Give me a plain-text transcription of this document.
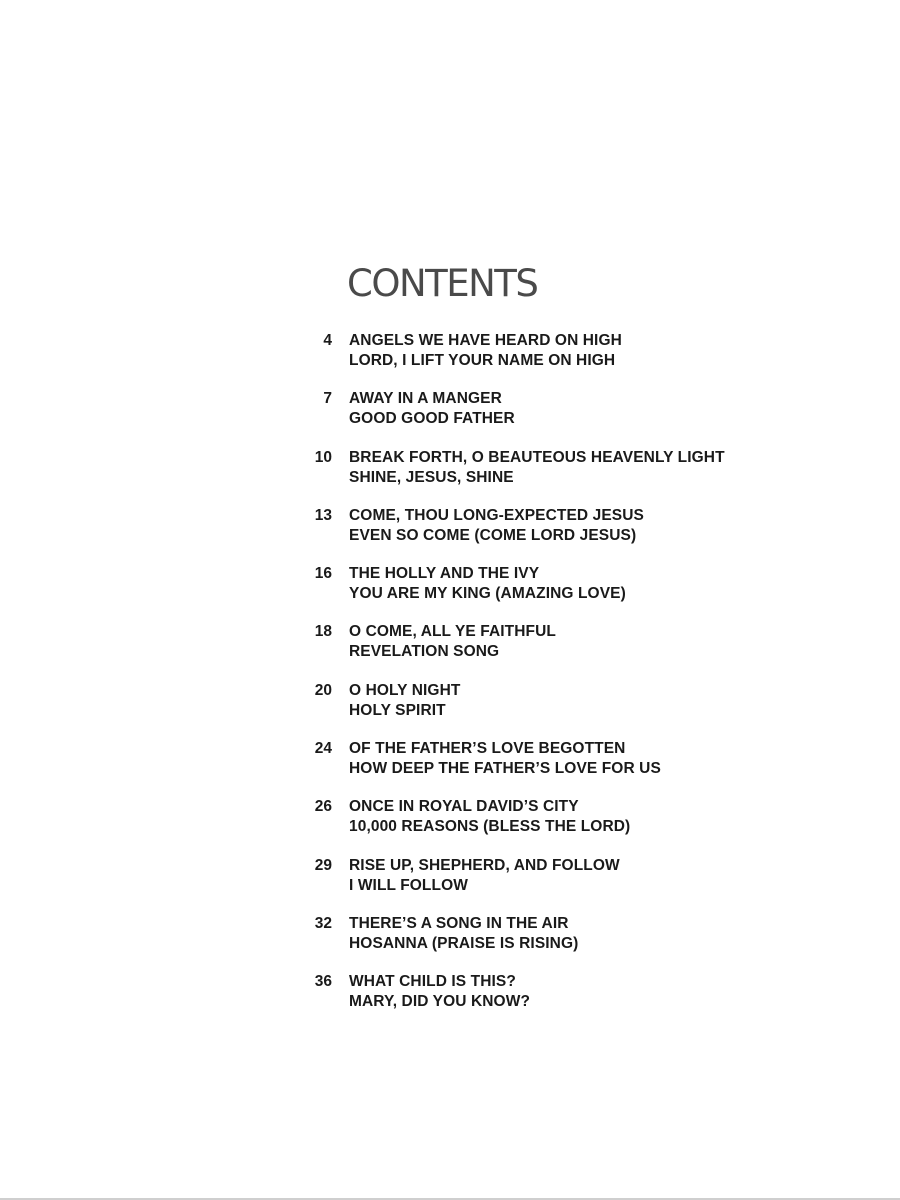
CONTENTS
4 ANGELS WE HAVE HEARD ON HIGH
LORD, I LIFT YOUR NAME ON HIGH
7 AWAY IN A MANGER
GOOD GOOD FATHER
10 BREAK FORTH, O BEAUTEOUS HEAVENLY LIGHT
SHINE, JESUS, SHINE
13 COME, THOU LONG-EXPECTED JESUS
EVEN SO COME (COME LORD JESUS)
16 THE HOLLY AND THE IVY
YOU ARE MY KING (AMAZING LOVE)
18 O COME, ALL YE FAITHFUL
REVELATION SONG
20 O HOLY NIGHT
HOLY SPIRIT
24 OF THE FATHER’S LOVE BEGOTTEN
HOW DEEP THE FATHER’S LOVE FOR US
26 ONCE IN ROYAL DAVID’S CITY
10,000 REASONS (BLESS THE LORD)
29 RISE UP, SHEPHERD, AND FOLLOW
I WILL FOLLOW
32 THERE’S A SONG IN THE AIR
HOSANNA (PRAISE IS RISING)
36 WHAT CHILD IS THIS?
MARY, DID YOU KNOW?
